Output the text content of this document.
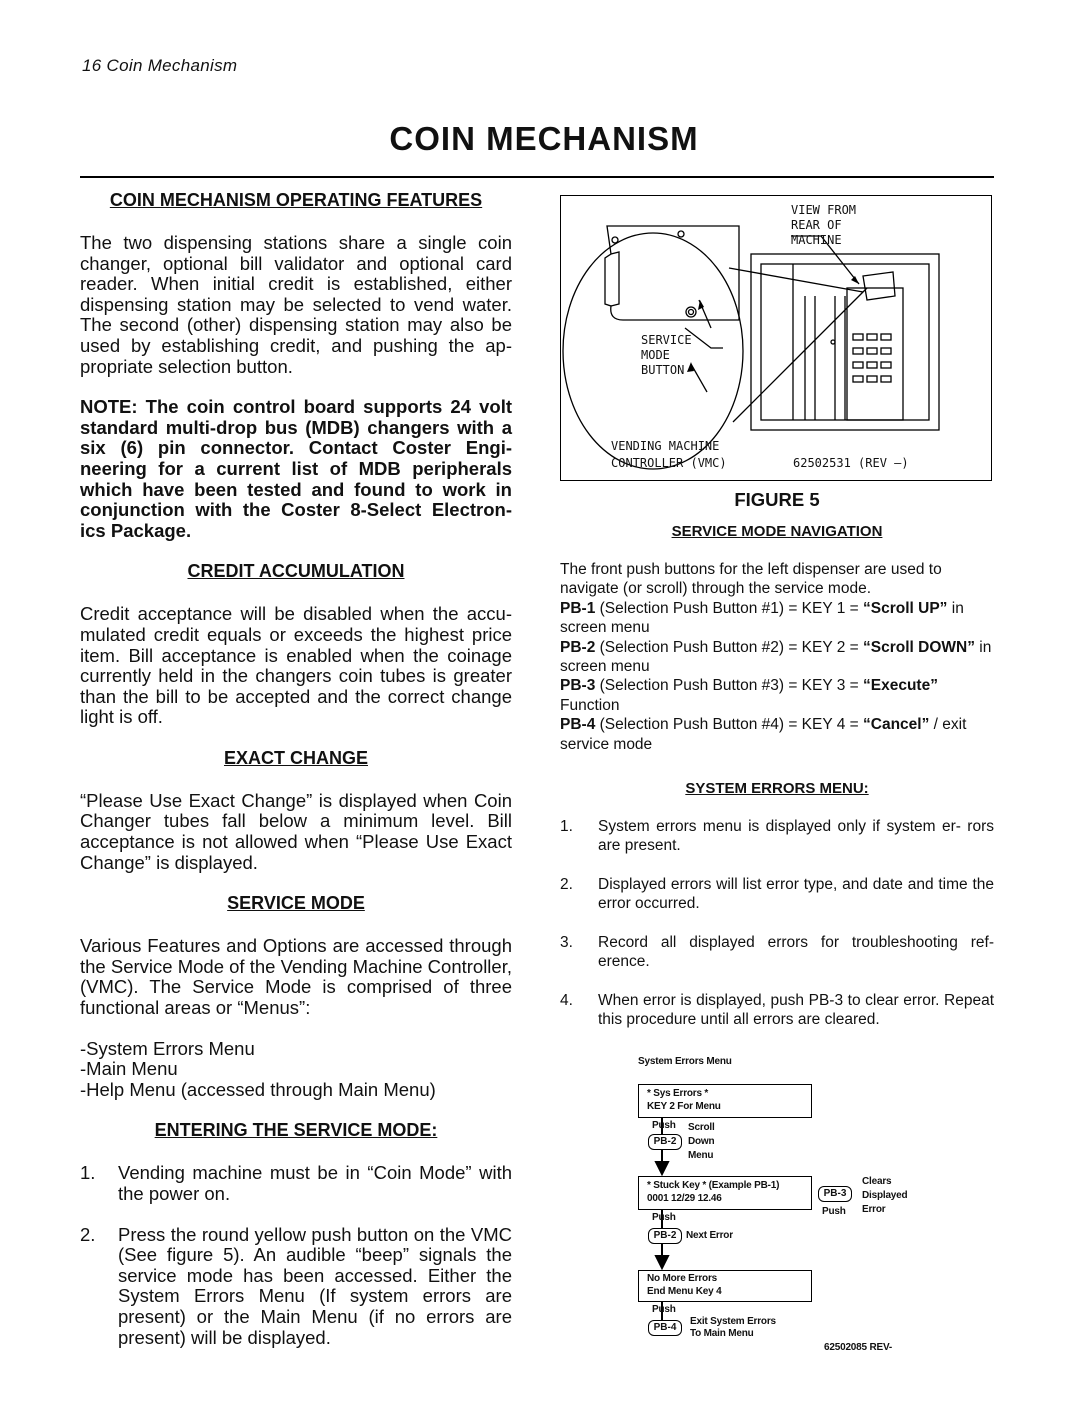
16 Coin Mechanism
COIN MECHANISM
COIN MECHANISM OPERATING FEATURES

The two dispensing stations share a single coin changer, optional bill validator and optional card reader. When initial credit is established, either dispensing station may be selected to vend water. The second (other) dispensing station may also be used by establishing credit, and pushing the ap- propriate selection button.

NOTE: The coin control board supports 24 volt standard multi-drop bus (MDB) changers with a six (6) pin connector. Contact Coster Engi- neering for a current list of MDB peripherals which have been tested and found to work in conjunction with the Coster 8-Select Electron- ics Package.

CREDIT ACCUMULATION

Credit acceptance will be disabled when the accu- mulated credit equals or exceeds the highest price item. Bill acceptance is enabled when the coinage currently held in the changers coin tubes is greater than the bill to be accepted and the correct change light is off.

EXACT CHANGE

“Please Use Exact Change” is displayed when Coin Changer tubes fall below a minimum level. Bill acceptance is not allowed when “Please Use Exact Change” is displayed.

SERVICE MODE

Various Features and Options are accessed through the Service Mode of the Vending Machine Controller, (VMC). The Service Mode is comprised of three functional areas or “Menus”:

-System Errors Menu

-Main Menu

-Help Menu (accessed through Main Menu)

ENTERING THE SERVICE MODE:
1.	Vending machine must be in “Coin Mode” with the power on.
2.	Press the round yellow push button on the VMC (See figure 5). An audible “beep” signals the service mode has been accessed. Either the System Errors Menu (If system errors are present) or the Main Menu (if no errors are present) will be displayed.
VIEW FROM
REAR OF
MACHINE
SERVICE
MODE
BUTTON
VENDING MACHINE
CONTROLLER (VMC)	62502531 (REV –)

FIGURE 5

SERVICE MODE NAVIGATION

The front push buttons for the left dispenser are used to navigate (or scroll) through the service mode.

PB-1 (Selection Push Button #1) = KEY 1 = “Scroll UP” in screen menu

PB-2 (Selection Push Button #2) = KEY 2 = “Scroll DOWN” in screen menu

PB-3 (Selection Push Button #3) = KEY 3 = “Execute” Function

PB-4 (Selection Push Button #4) = KEY 4 = “Cancel” / exit service mode

SYSTEM ERRORS MENU:
1.	System errors menu is displayed only if system er- rors are present.
2.	Displayed errors will list error type, and date and time the error occurred.
3.	Record all displayed errors for troubleshooting ref- erence.
4.	When error is displayed, push PB-3 to clear error. Repeat this procedure until all errors are cleared.
System Errors Menu
* Sys Errors *
KEY 2 For Menu
Push
PB-2
Scroll
Down
Menu
* Stuck Key * (Example PB-1)
0001 12/29 12.46	PB-3
Push
Clears
Displayed
Error
Push
PB-2 Next Error
No More Errors
End Menu Key 4
Push
PB-4
Exit System Errors
To Main Menu
62502085 REV-
